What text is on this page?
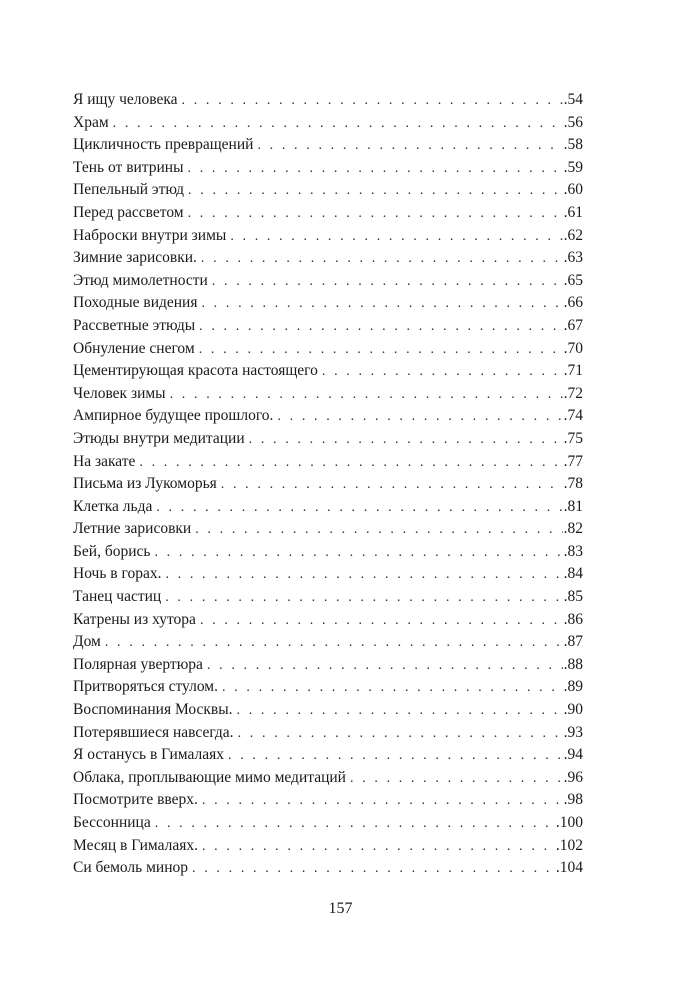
Я ищу человека . . .	.54
Храм . . .	.56
Цикличность превращений . . .	.58
Тень от витрины . . .	.59
Пепельный этюд . . .	.60
Перед рассветом . . .	.61
Наброски внутри зимы . . .	.62
Зимние зарисовки. . . .	.63
Этюд мимолетности . . .	.65
Походные видения . . .	.66
Рассветные этюды . . .	.67
Обнуление снегом . . .	.70
Цементирующая красота настоящего . . .	.71
Человек зимы . . .	.72
Ампирное будущее прошлого. . . .	.74
Этюды внутри медитации . . .	.75
На закате . . .	.77
Письма из Лукоморья . . .	.78
Клетка льда . . .	.81
Летние зарисовки . . .	.82
Бей, борись . . .	.83
Ночь в горах. . . .	.84
Танец частиц . . .	.85
Катрены из хутора . . .	.86
Дом . . .	.87
Полярная увертюра . . .	.88
Притворяться стулом. . . .	.89
Воспоминания Москвы. . . .	.90
Потерявшиеся навсегда. . . .	.93
Я останусь в Гималаях . . .	.94
Облака, проплывающие мимо медитаций . . .	.96
Посмотрите вверх. . . .	.98
Бессонница . . .	.100
Месяц в Гималаях. . . .	.102
Си бемоль минор . . .	.104
157
